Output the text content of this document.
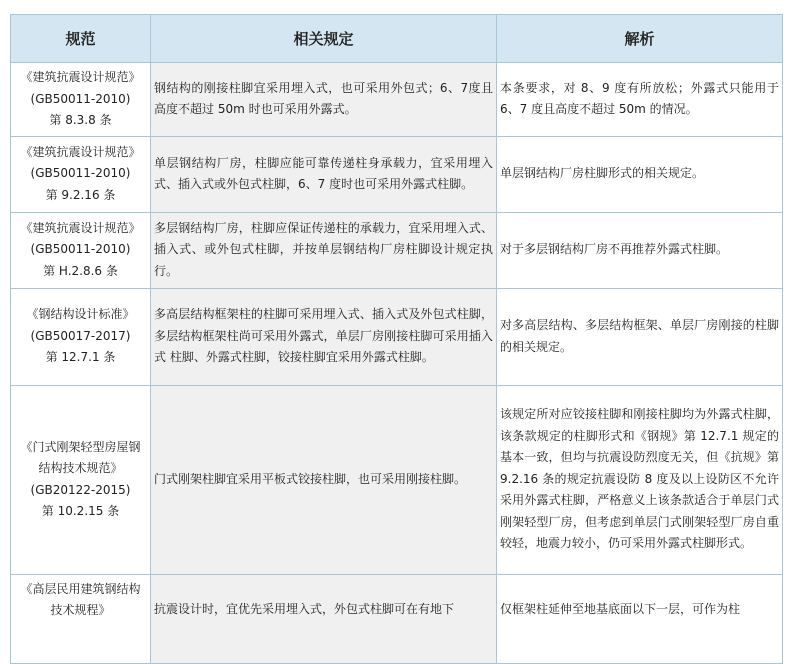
规范	相关规定	解析

《建筑抗震设计规范》
(GB50011-2010)
第 8.3.8 条	钢结构的刚接柱脚宜采用埋入式，也可采用外包式；6、7度且高度不超过 50m 时也可采用外露式。	本条要求，对 8、9 度有所放松；外露式只能用于 6、7 度且高度不超过 50m 的情况。

《建筑抗震设计规范》
(GB50011-2010)
第 9.2.16 条	单层钢结构厂房，柱脚应能可靠传递柱身承载力，宜采用埋入式、插入式或外包式柱脚，6、7 度时也可采用外露式柱脚。	单层钢结构厂房柱脚形式的相关规定。

《建筑抗震设计规范》
(GB50011-2010)
第 H.2.8.6 条	多层钢结构厂房，柱脚应保证传递柱的承载力，宜采用埋入式、插入式、或外包式柱脚，并按单层钢结构厂房柱脚设计规定执行。	对于多层钢结构厂房不再推荐外露式柱脚。

《钢结构设计标准》
(GB50017-2017)
第 12.7.1 条	多高层结构框架柱的柱脚可采用埋入式、插入式及外包式柱脚，多层结构框架柱尚可采用外露式，单层厂房刚接柱脚可采用插入式 柱脚、外露式柱脚，铰接柱脚宜采用外露式柱脚。	对多高层结构、多层结构框架、单层厂房刚接的柱脚的相关规定。

《门式刚架轻型房屋钢
结构技术规范》
(GB20122-2015)
第 10.2.15 条	门式刚架柱脚宜采用平板式铰接柱脚，也可采用刚接柱脚。	该规定所对应铰接柱脚和刚接柱脚均为外露式柱脚，该条款规定的柱脚形式和《钢规》第 12.7.1 规定的基本一致，但均与抗震设防烈度无关，但《抗规》第 9.2.16 条的规定抗震设防 8 度及以上设防区不允许采用外露式柱脚，严格意义上该条款适合于单层门式刚架轻型厂房，但考虑到单层门式刚架轻型厂房自重较轻，地震力较小，仍可采用外露式柱脚形式。

《高层民用建筑钢结构
技术规程》	抗震设计时，宜优先采用埋入式，外包式柱脚可在有地下	仅框架柱延伸至地基底面以下一层，可作为柱
